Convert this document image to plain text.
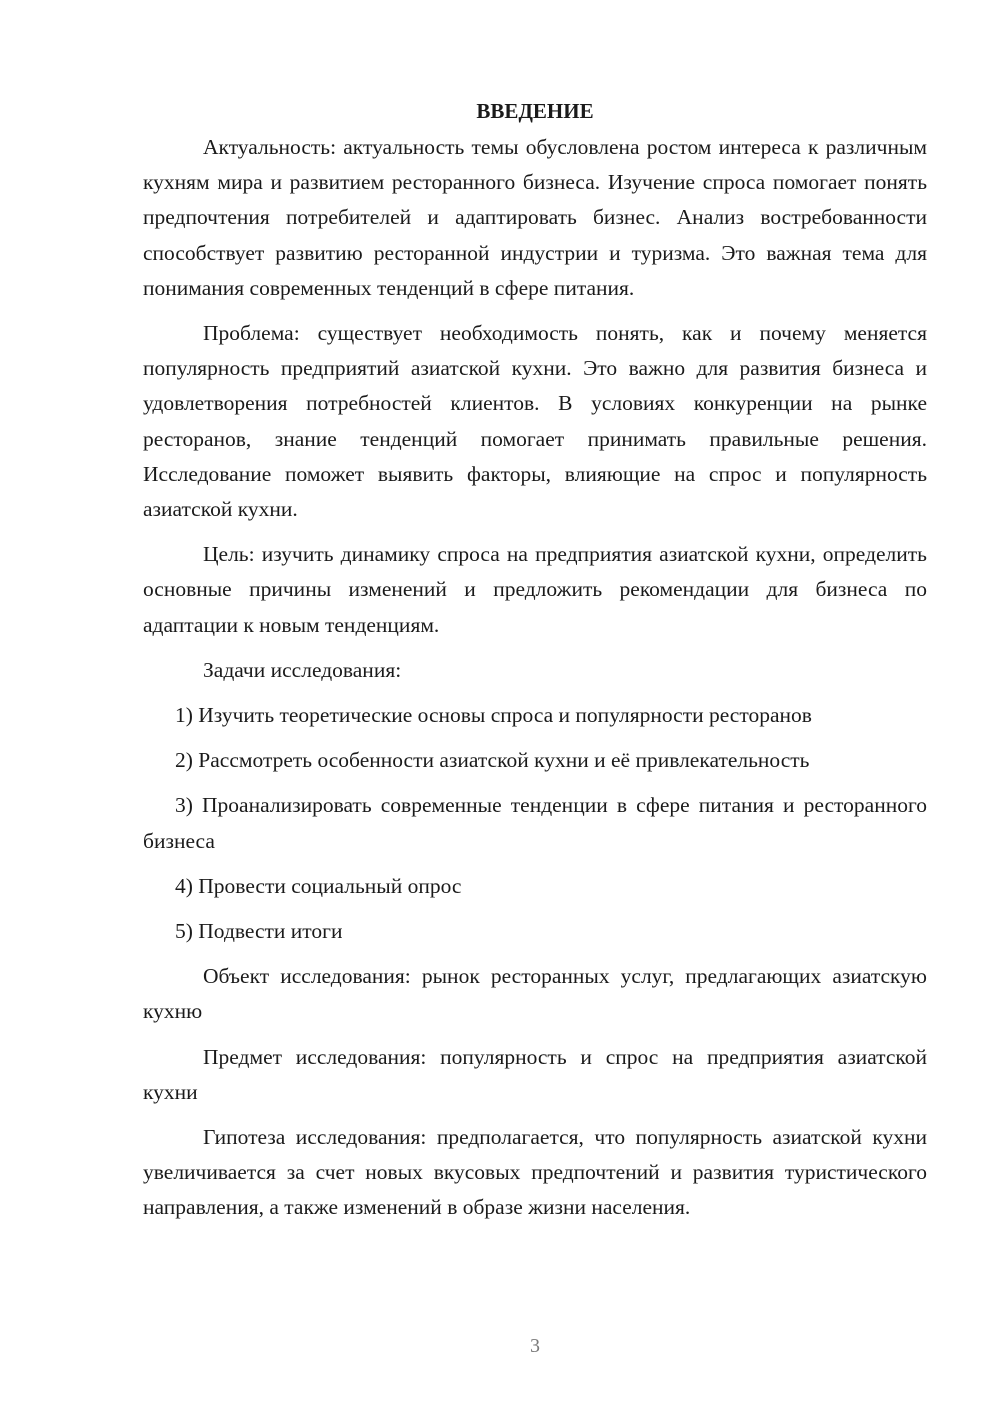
ВВЕДЕНИЕ

Актуальность: актуальность темы обусловлена ростом интереса к различным кухням мира и развитием ресторанного бизнеса. Изучение спроса помогает понять предпочтения потребителей и адаптировать бизнес. Анализ востребованности способствует развитию ресторанной индустрии и туризма. Это важная тема для понимания современных тенденций в сфере питания.

Проблема: существует необходимость понять, как и почему меняется популярность предприятий азиатской кухни. Это важно для развития бизнеса и удовлетворения потребностей клиентов. В условиях конкуренции на рынке ресторанов, знание тенденций помогает принимать правильные решения. Исследование поможет выявить факторы, влияющие на спрос и популярность азиатской кухни.

Цель: изучить динамику спроса на предприятия азиатской кухни, определить основные причины изменений и предложить рекомендации для бизнеса по адаптации к новым тенденциям.

Задачи исследования:

1) Изучить теоретические основы спроса и популярности ресторанов

2) Рассмотреть особенности азиатской кухни и её привлекательность

3) Проанализировать современные тенденции в сфере питания и ресторанного бизнеса

4) Провести социальный опрос

5) Подвести итоги

Объект исследования: рынок ресторанных услуг, предлагающих азиатскую кухню

Предмет исследования: популярность и спрос на предприятия азиатской кухни

Гипотеза исследования: предполагается, что популярность азиатской кухни увеличивается за счет новых вкусовых предпочтений и развития туристического направления, а также изменений в образе жизни населения.

3
